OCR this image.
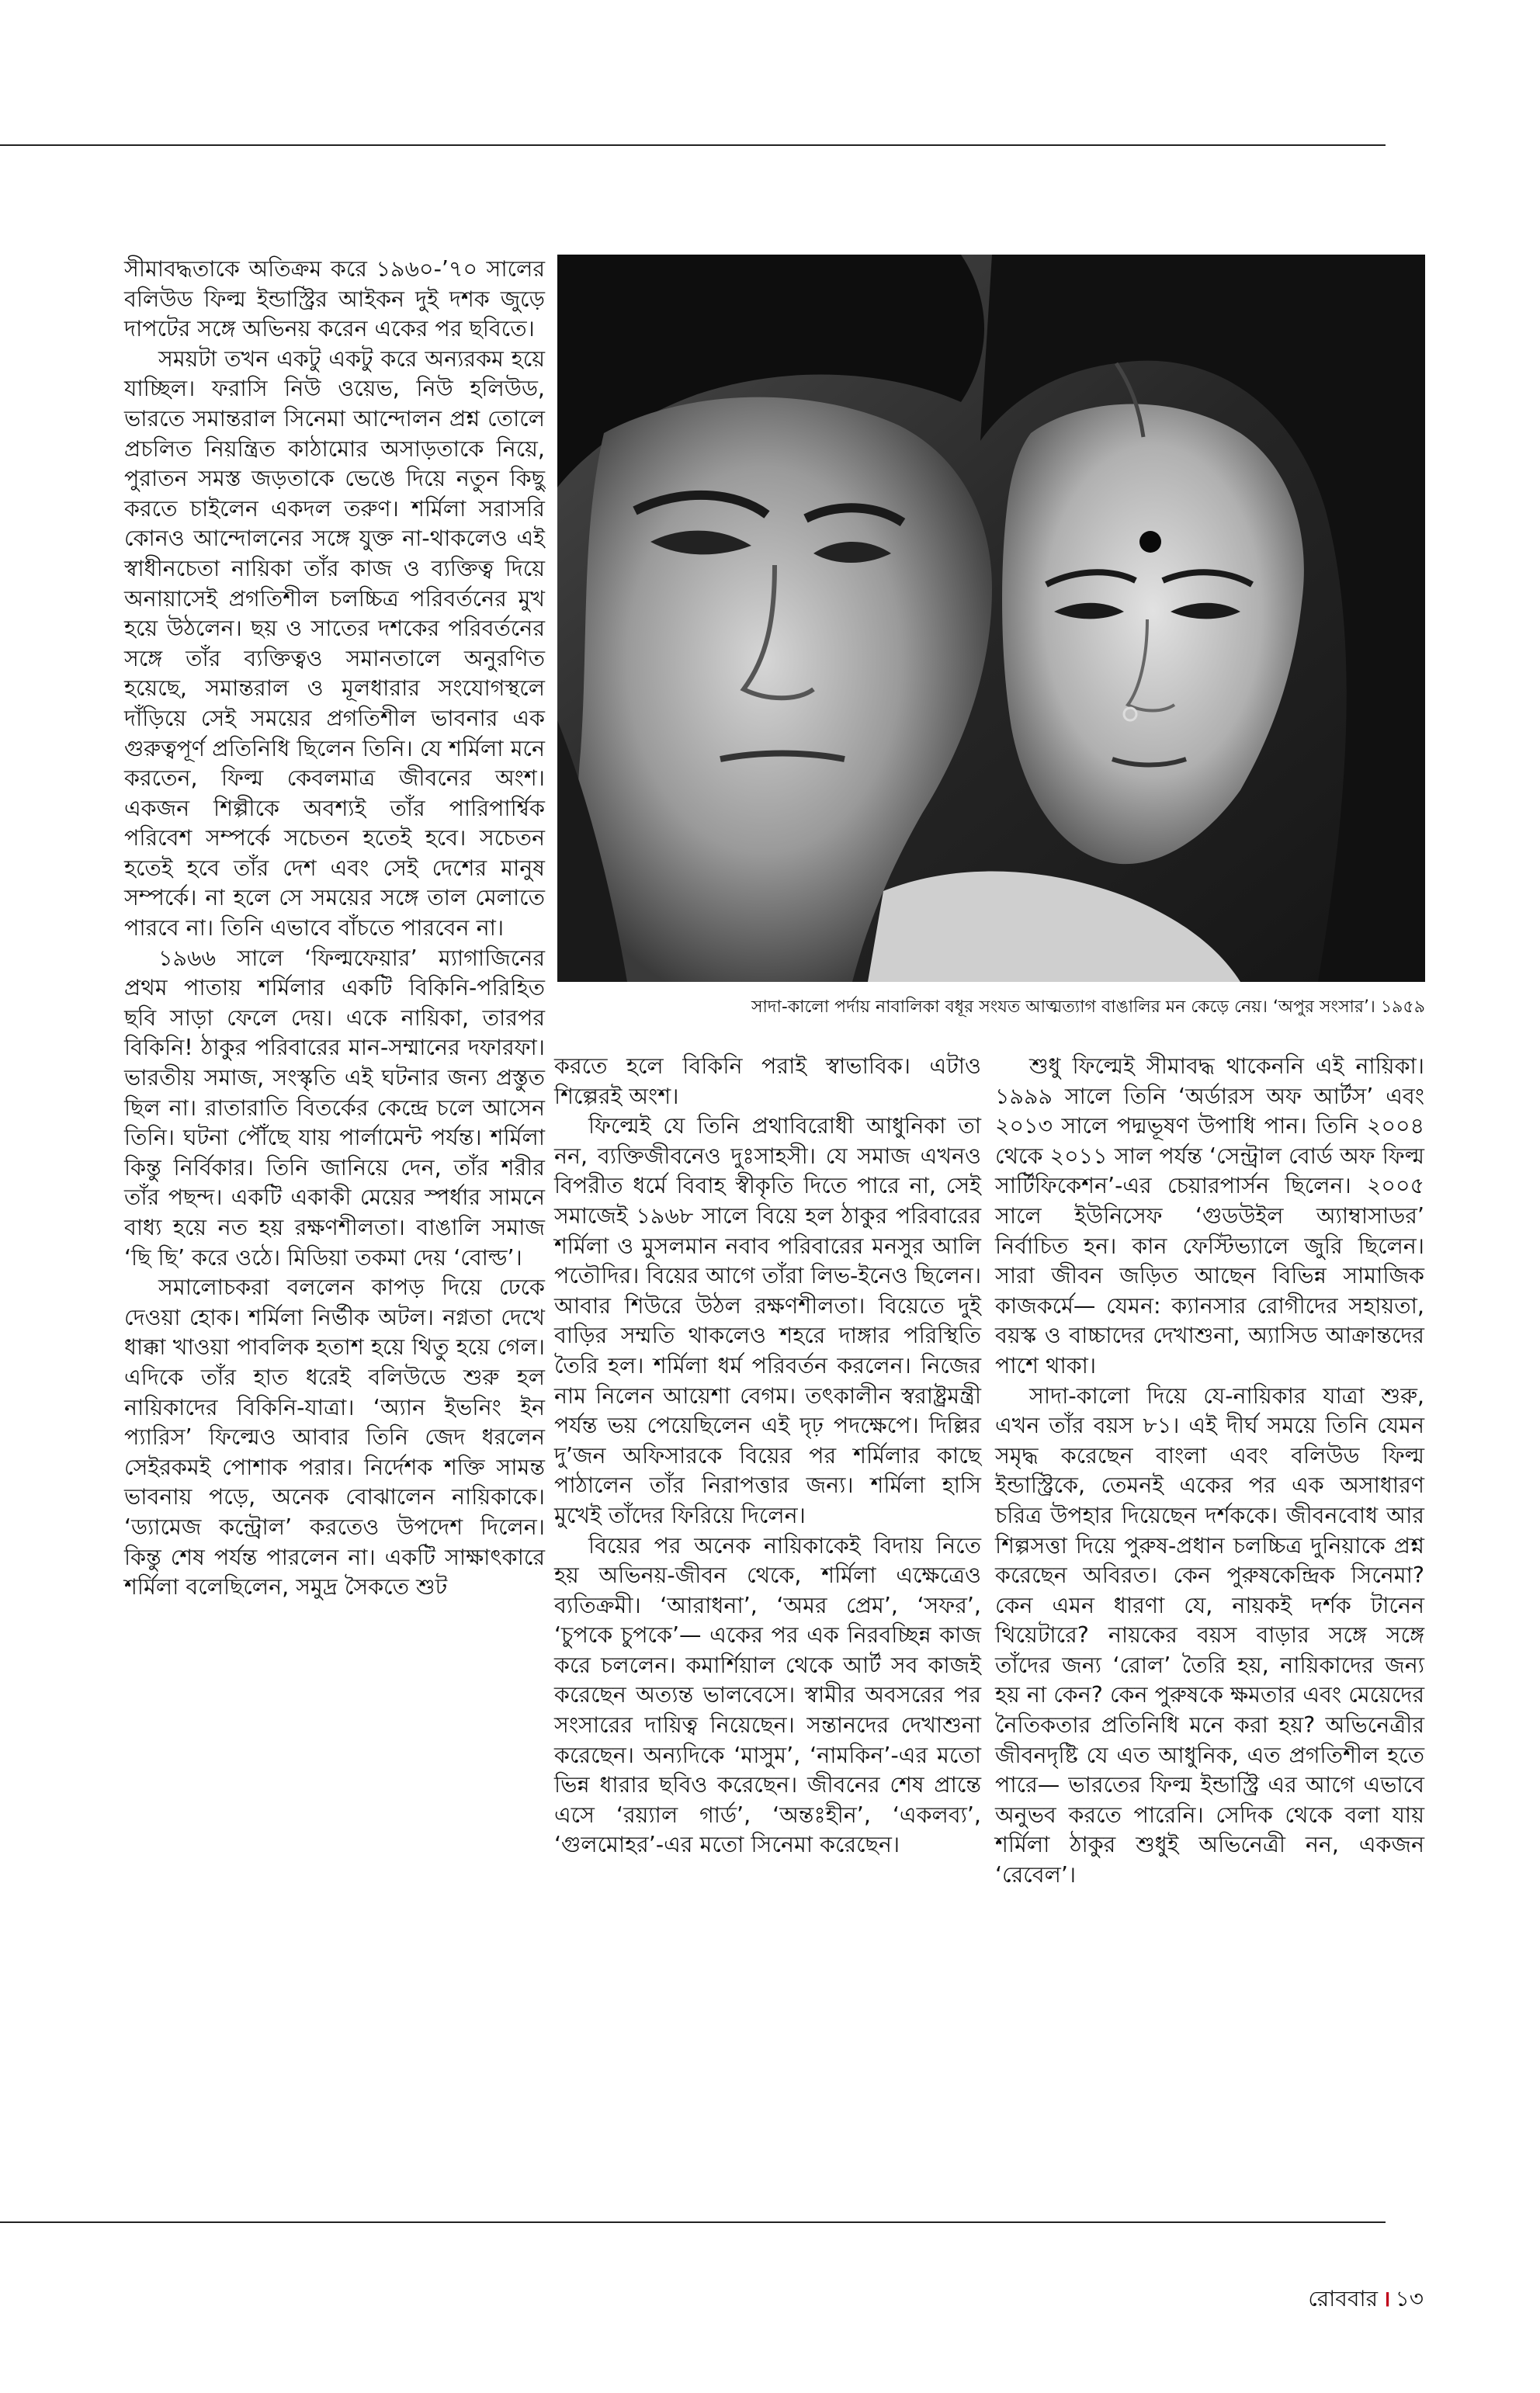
সীমাবদ্ধতাকে অতিক্রম করে ১৯৬০-’৭০ সালের বলিউড ফিল্ম ইন্ডাস্ট্রির আইকন দুই দশক জুড়ে দাপটের সঙ্গে অভিনয় করেন একের পর ছবিতে।

সময়টা তখন একটু একটু করে অন্যরকম হয়ে যাচ্ছিল। ফরাসি নিউ ওয়েভ, নিউ হলিউড, ভারতে সমান্তরাল সিনেমা আন্দোলন প্রশ্ন তোলে প্রচলিত নিয়ন্ত্রিত কাঠামোর অসাড়তাকে নিয়ে, পুরাতন সমস্ত জড়তাকে ভেঙে দিয়ে নতুন কিছু করতে চাইলেন একদল তরুণ। শর্মিলা সরাসরি কোনও আন্দোলনের সঙ্গে যুক্ত না-থাকলেও এই স্বাধীনচেতা নায়িকা তাঁর কাজ ও ব্যক্তিত্ব দিয়ে অনায়াসেই প্রগতিশীল চলচ্চিত্র পরিবর্তনের মুখ হয়ে উঠলেন। ছয় ও সাতের দশকের পরিবর্তনের সঙ্গে তাঁর ব্যক্তিত্বও সমানতালে অনুরণিত হয়েছে, সমান্তরাল ও মূলধারার সংযোগস্থলে দাঁড়িয়ে সেই সময়ের প্রগতিশীল ভাবনার এক গুরুত্বপূর্ণ প্রতিনিধি ছিলেন তিনি। যে শর্মিলা মনে করতেন, ফিল্ম কেবলমাত্র জীবনের অংশ। একজন শিল্পীকে অবশ্যই তাঁর পারিপার্শ্বিক পরিবেশ সম্পর্কে সচেতন হতেই হবে। সচেতন হতেই হবে তাঁর দেশ এবং সেই দেশের মানুষ সম্পর্কে। না হলে সে সময়ের সঙ্গে তাল মেলাতে পারবে না। তিনি এভাবে বাঁচতে পারবেন না।

১৯৬৬ সালে ‘ফিল্মফেয়ার’ ম্যাগাজিনের প্রথম পাতায় শর্মিলার একটি বিকিনি-পরিহিত ছবি সাড়া ফেলে দেয়। একে নায়িকা, তারপর বিকিনি! ঠাকুর পরিবারের মান-সম্মানের দফারফা। ভারতীয় সমাজ, সংস্কৃতি এই ঘটনার জন্য প্রস্তুত ছিল না। রাতারাতি বিতর্কের কেন্দ্রে চলে আসেন তিনি। ঘটনা পৌঁছে যায় পার্লামেন্ট পর্যন্ত। শর্মিলা কিন্তু নির্বিকার। তিনি জানিয়ে দেন, তাঁর শরীর তাঁর পছন্দ। একটি একাকী মেয়ের স্পর্ধার সামনে বাধ্য হয়ে নত হয় রক্ষণশীলতা। বাঙালি সমাজ ‘ছি ছি’ করে ওঠে। মিডিয়া তকমা দেয় ‘বোল্ড’।

সমালোচকরা বললেন কাপড় দিয়ে ঢেকে দেওয়া হোক। শর্মিলা নির্ভীক অটল। নগ্নতা দেখে ধাক্কা খাওয়া পাবলিক হতাশ হয়ে থিতু হয়ে গেল। এদিকে তাঁর হাত ধরেই বলিউডে শুরু হল নায়িকাদের বিকিনি-যাত্রা। ‘অ্যান ইভনিং ইন প্যারিস’ ফিল্মেও আবার তিনি জেদ ধরলেন সেইরকমই পোশাক পরার। নির্দেশক শক্তি সামন্ত ভাবনায় পড়ে, অনেক বোঝালেন নায়িকাকে। ‘ড্যামেজ কন্ট্রোল’ করতেও উপদেশ দিলেন। কিন্তু শেষ পর্যন্ত পারলেন না। একটি সাক্ষাৎকারে শর্মিলা বলেছিলেন, সমুদ্র সৈকতে শুট

সাদা-কালো পর্দায় নাবালিকা বধূর সংযত আত্মত্যাগ বাঙালির মন কেড়ে নেয়। ‘অপুর সংসার’। ১৯৫৯

করতে হলে বিকিনি পরাই স্বাভাবিক। এটাও শিল্পেরই অংশ।

ফিল্মেই যে তিনি প্রথাবিরোধী আধুনিকা তা নন, ব্যক্তিজীবনেও দুঃসাহসী। যে সমাজ এখনও বিপরীত ধর্মে বিবাহ স্বীকৃতি দিতে পারে না, সেই সমাজেই ১৯৬৮ সালে বিয়ে হল ঠাকুর পরিবারের শর্মিলা ও মুসলমান নবাব পরিবারের মনসুর আলি পতৌদির। বিয়ের আগে তাঁরা লিভ-ইনেও ছিলেন। আবার শিউরে উঠল রক্ষণশীলতা। বিয়েতে দুই বাড়ির সম্মতি থাকলেও শহরে দাঙ্গার পরিস্থিতি তৈরি হল। শর্মিলা ধর্ম পরিবর্তন করলেন। নিজের নাম নিলেন আয়েশা বেগম। তৎকালীন স্বরাষ্ট্রমন্ত্রী পর্যন্ত ভয় পেয়েছিলেন এই দৃঢ় পদক্ষেপে। দিল্লির দু’জন অফিসারকে বিয়ের পর শর্মিলার কাছে পাঠালেন তাঁর নিরাপত্তার জন্য। শর্মিলা হাসি মুখেই তাঁদের ফিরিয়ে দিলেন।

বিয়ের পর অনেক নায়িকাকেই বিদায় নিতে হয় অভিনয়-জীবন থেকে, শর্মিলা এক্ষেত্রেও ব্যতিক্রমী। ‘আরাধনা’, ‘অমর প্রেম’, ‘সফর’, ‘চুপকে চুপকে’— একের পর এক নিরবচ্ছিন্ন কাজ করে চললেন। কমার্শিয়াল থেকে আর্ট সব কাজই করেছেন অত্যন্ত ভালবেসে। স্বামীর অবসরের পর সংসারের দায়িত্ব নিয়েছেন। সন্তানদের দেখাশুনা করেছেন। অন্যদিকে ‘মাসুম’, ‘নামকিন’-এর মতো ভিন্ন ধারার ছবিও করেছেন। জীবনের শেষ প্রান্তে এসে ‘রয়্যাল গার্ড’, ‘অন্তঃহীন’, ‘একলব্য’, ‘গুলমোহর’-এর মতো সিনেমা করেছেন।

শুধু ফিল্মেই সীমাবদ্ধ থাকেননি এই নায়িকা। ১৯৯৯ সালে তিনি ‘অর্ডারস অফ আর্টস’ এবং ২০১৩ সালে পদ্মভূষণ উপাধি পান। তিনি ২০০৪ থেকে ২০১১ সাল পর্যন্ত ‘সেন্ট্রাল বোর্ড অফ ফিল্ম সার্টিফিকেশন’-এর চেয়ারপার্সন ছিলেন। ২০০৫ সালে ইউনিসেফ ‘গুডউইল অ্যাম্বাসাডর’ নির্বাচিত হন। কান ফেস্টিভ্যালে জুরি ছিলেন। সারা জীবন জড়িত আছেন বিভিন্ন সামাজিক কাজকর্মে— যেমন: ক্যানসার রোগীদের সহায়তা, বয়স্ক ও বাচ্চাদের দেখাশুনা, অ্যাসিড আক্রান্তদের পাশে থাকা।

সাদা-কালো দিয়ে যে-নায়িকার যাত্রা শুরু, এখন তাঁর বয়স ৮১। এই দীর্ঘ সময়ে তিনি যেমন সমৃদ্ধ করেছেন বাংলা এবং বলিউড ফিল্ম ইন্ডাস্ট্রিকে, তেমনই একের পর এক অসাধারণ চরিত্র উপহার দিয়েছেন দর্শককে। জীবনবোধ আর শিল্পসত্তা দিয়ে পুরুষ-প্রধান চলচ্চিত্র দুনিয়াকে প্রশ্ন করেছেন অবিরত। কেন পুরুষকেন্দ্রিক সিনেমা? কেন এমন ধারণা যে, নায়কই দর্শক টানেন থিয়েটারে? নায়কের বয়স বাড়ার সঙ্গে সঙ্গে তাঁদের জন্য ‘রোল’ তৈরি হয়, নায়িকাদের জন্য হয় না কেন? কেন পুরুষকে ক্ষমতার এবং মেয়েদের নৈতিকতার প্রতিনিধি মনে করা হয়? অভিনেত্রীর জীবনদৃষ্টি যে এত আধুনিক, এত প্রগতিশীল হতে পারে— ভারতের ফিল্ম ইন্ডাস্ট্রি এর আগে এভাবে অনুভব করতে পারেনি। সেদিক থেকে বলা যায় শর্মিলা ঠাকুর শুধুই অভিনেত্রী নন, একজন ‘রেবেল’।

রোববার । ১৩
